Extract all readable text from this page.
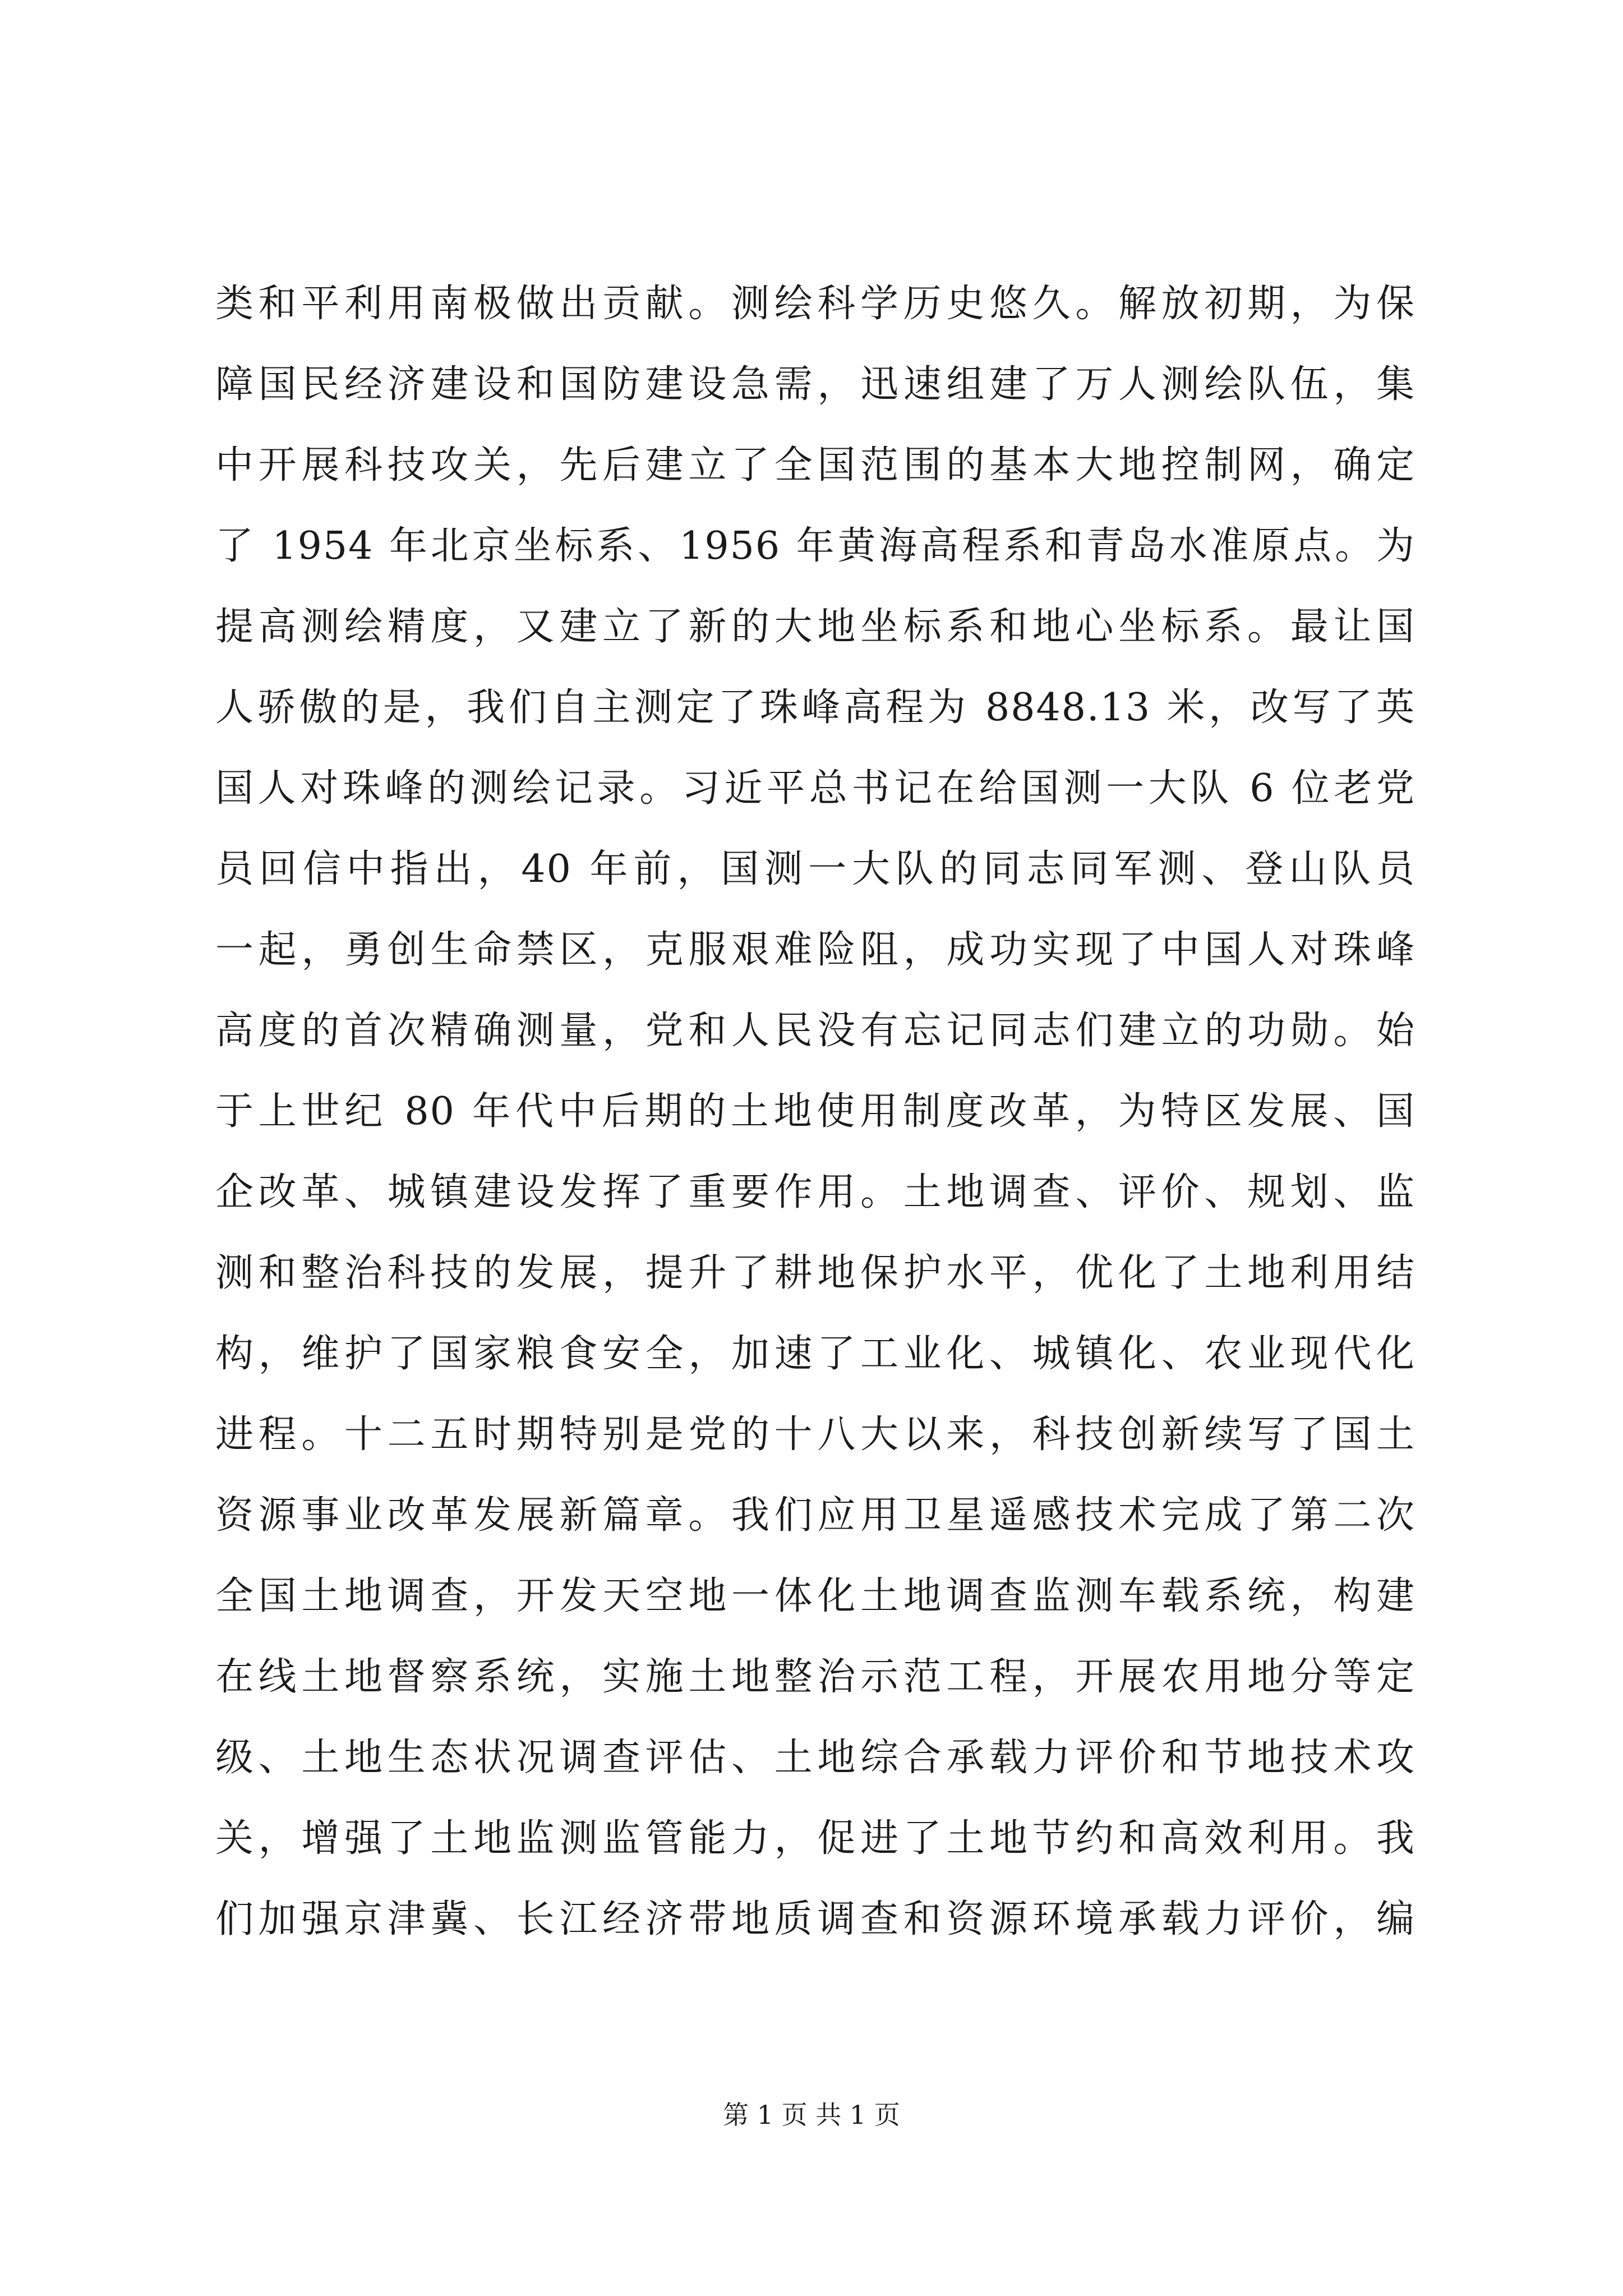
类和平利用南极做出贡献。测绘科学历史悠久。解放初期，为保
障国民经济建设和国防建设急需，迅速组建了万人测绘队伍，集
中开展科技攻关，先后建立了全国范围的基本大地控制网，确定
了 1954 年北京坐标系、1956 年黄海高程系和青岛水准原点。为
提高测绘精度，又建立了新的大地坐标系和地心坐标系。最让国
人骄傲的是，我们自主测定了珠峰高程为 8848.13 米，改写了英
国人对珠峰的测绘记录。习近平总书记在给国测一大队 6 位老党
员回信中指出，40 年前，国测一大队的同志同军测、登山队员
一起，勇创生命禁区，克服艰难险阻，成功实现了中国人对珠峰
高度的首次精确测量，党和人民没有忘记同志们建立的功勋。始
于上世纪 80 年代中后期的土地使用制度改革，为特区发展、国
企改革、城镇建设发挥了重要作用。土地调查、评价、规划、监
测和整治科技的发展，提升了耕地保护水平，优化了土地利用结
构，维护了国家粮食安全，加速了工业化、城镇化、农业现代化
进程。十二五时期特别是党的十八大以来，科技创新续写了国土
资源事业改革发展新篇章。我们应用卫星遥感技术完成了第二次
全国土地调查，开发天空地一体化土地调查监测车载系统，构建
在线土地督察系统，实施土地整治示范工程，开展农用地分等定
级、土地生态状况调查评估、土地综合承载力评价和节地技术攻
关，增强了土地监测监管能力，促进了土地节约和高效利用。我
们加强京津冀、长江经济带地质调查和资源环境承载力评价，编
第 1 页 共 1 页
